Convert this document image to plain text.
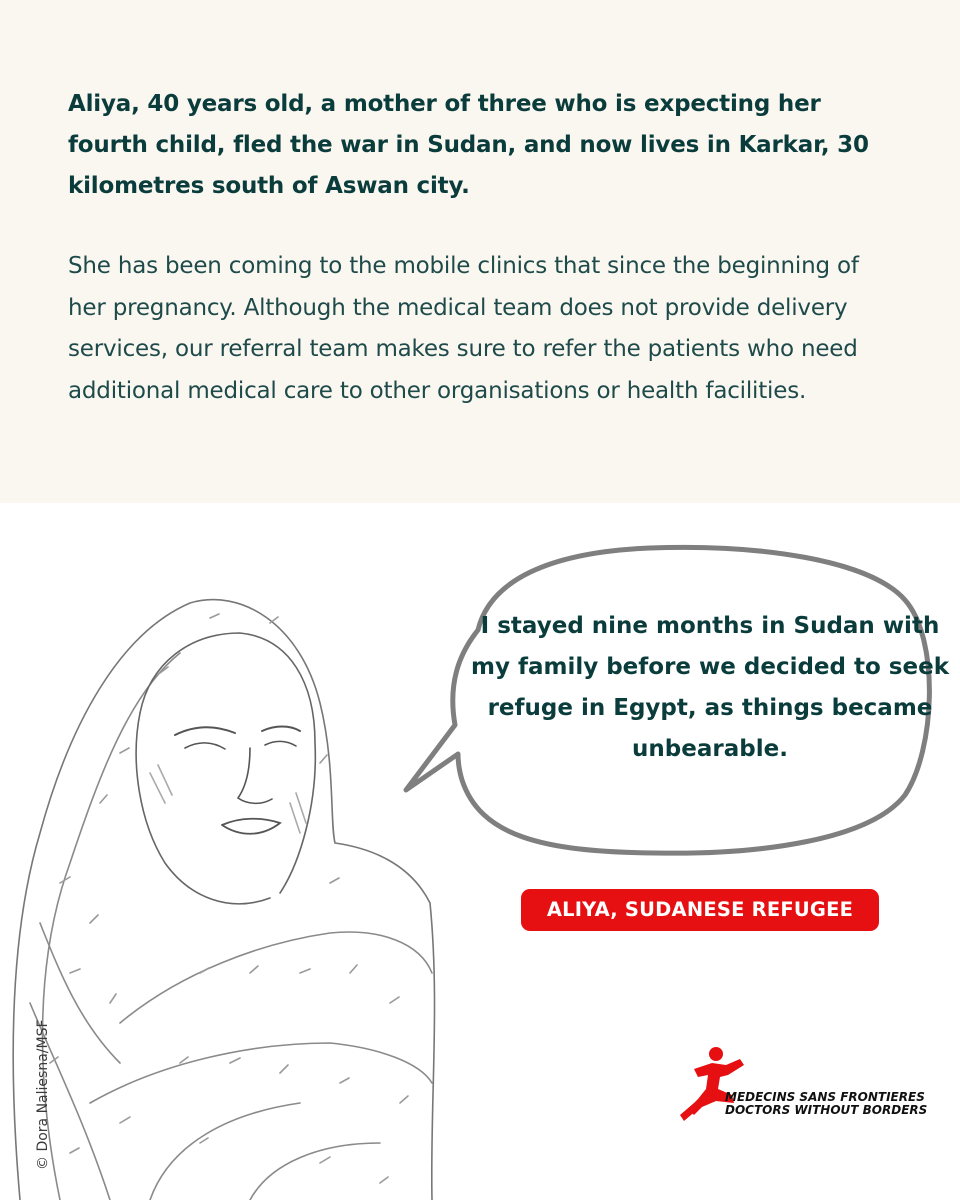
Aliya, 40 years old, a mother of three who is expecting her fourth child, fled the war in Sudan, and now lives in Karkar, 30 kilometres south of Aswan city.

She has been coming to the mobile clinics that since the beginning of her pregnancy. Although the medical team does not provide delivery services, our referral team makes sure to refer the patients who need additional medical care to other organisations or health facilities.

I stayed nine months in Sudan with my family before we decided to seek refuge in Egypt, as things became unbearable.

ALIYA, SUDANESE REFUGEE
© Dora Naliesna/MSF	MEDECINS SANS FRONTIERES
DOCTORS WITHOUT BORDERS
